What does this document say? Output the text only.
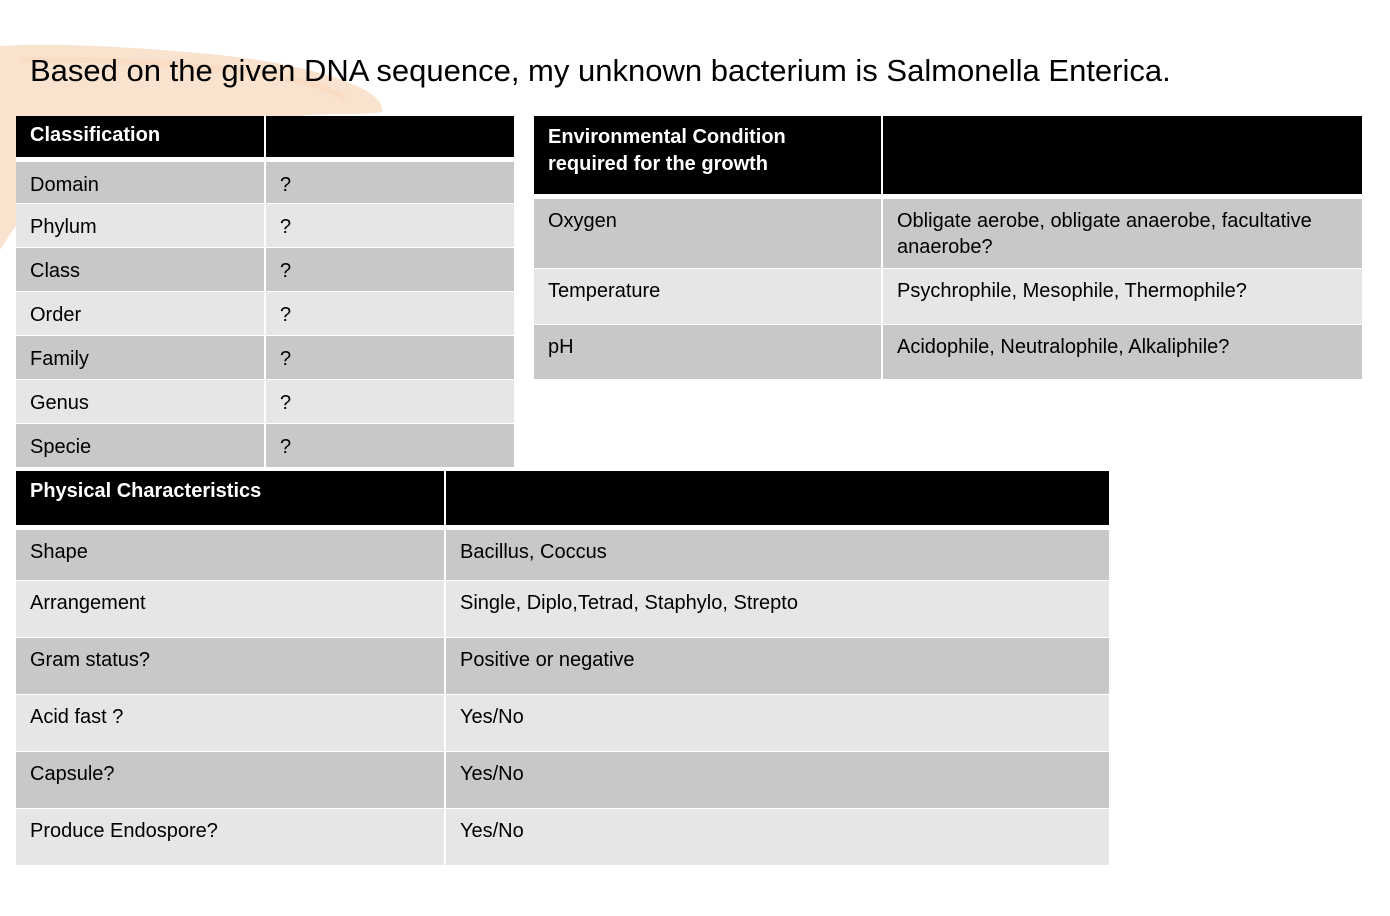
Based on the given DNA sequence, my unknown bacterium is Salmonella Enterica.
Classification	
Domain	?
Phylum	?
Class	?
Order	?
Family	?
Genus	?
Specie	?
Environmental Condition required for the growth	
Oxygen	Obligate aerobe, obligate anaerobe, facultative anaerobe?
Temperature	Psychrophile, Mesophile, Thermophile?
pH	Acidophile, Neutralophile, Alkaliphile?
Physical Characteristics	
Shape	Bacillus, Coccus
Arrangement	Single, Diplo,Tetrad, Staphylo, Strepto
Gram status?	Positive or negative
Acid fast ?	Yes/No
Capsule?	Yes/No
Produce Endospore?	Yes/No
